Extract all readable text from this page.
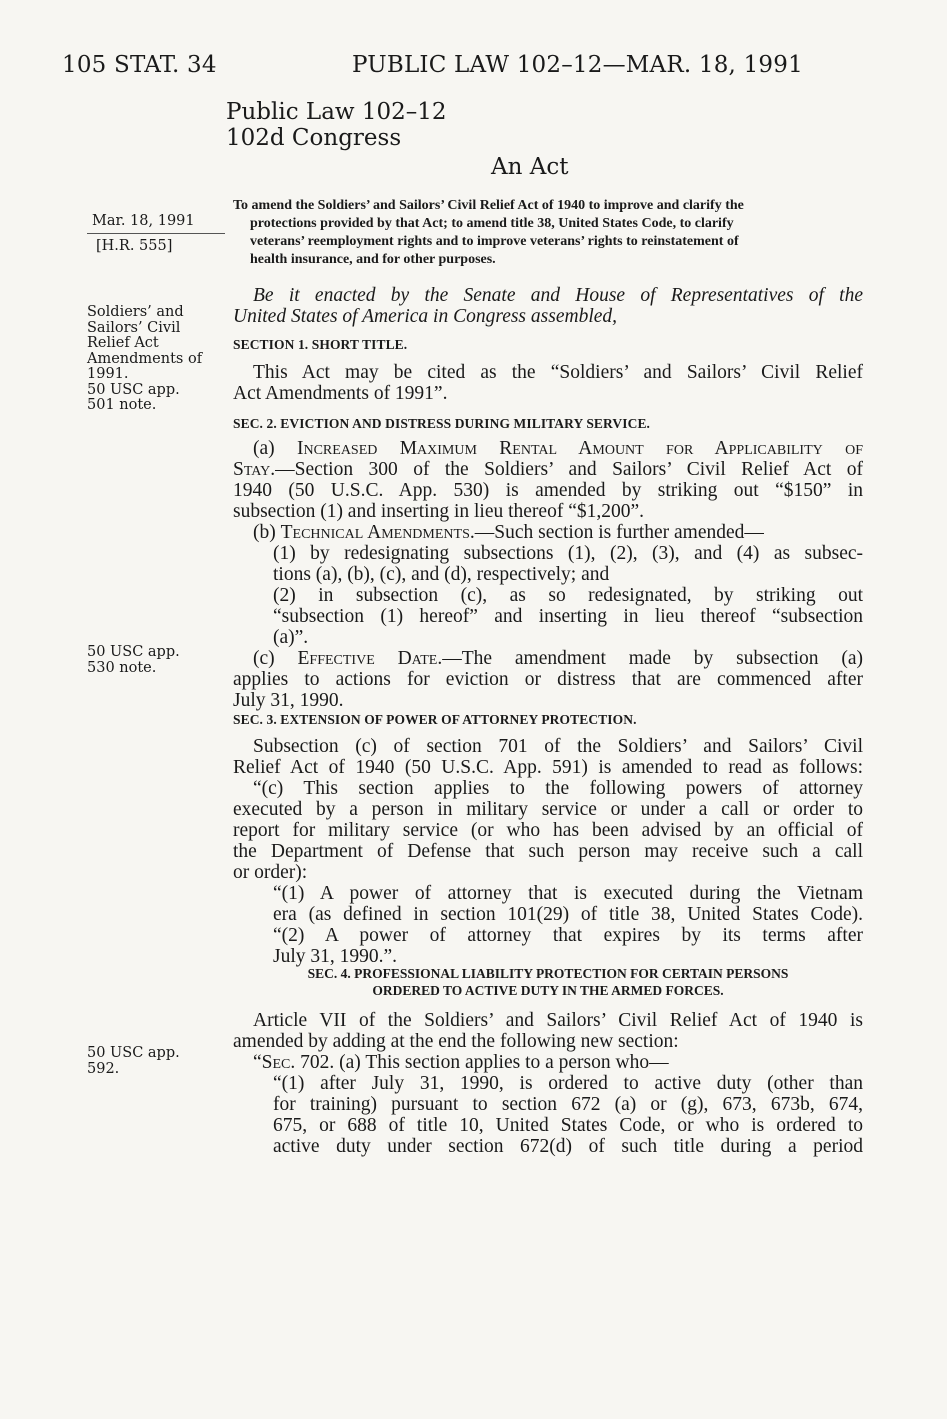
105 STAT. 34	PUBLIC LAW 102–12—MAR. 18, 1991
Public Law 102–12
102d Congress
An Act
Mar. 18, 1991
[H.R. 555]
Soldiers’ and
Sailors’ Civil
Relief Act
Amendments of
1991.
50 USC app.
501 note.
50 USC app.
530 note.
50 USC app.
592.
To amend the Soldiers’ and Sailors’ Civil Relief Act of 1940 to improve and clarify the
protections provided by that Act; to amend title 38, United States Code, to clarify
veterans’ reemployment rights and to improve veterans’ rights to reinstatement of
health insurance, and for other purposes.
Be it enacted by the Senate and House of Representatives of the
United States of America in Congress assembled,
SECTION 1. SHORT TITLE.
This Act may be cited as the “Soldiers’ and Sailors’ Civil Relief
Act Amendments of 1991”.
SEC. 2. EVICTION AND DISTRESS DURING MILITARY SERVICE.
(a) Increased Maximum Rental Amount for Applicability of
Stay.—Section 300 of the Soldiers’ and Sailors’ Civil Relief Act of
1940 (50 U.S.C. App. 530) is amended by striking out “$150” in
subsection (1) and inserting in lieu thereof “$1,200”.
(b) Technical Amendments.—Such section is further amended—
(1) by redesignating subsections (1), (2), (3), and (4) as subsec-
tions (a), (b), (c), and (d), respectively; and
(2) in subsection (c), as so redesignated, by striking out
“subsection (1) hereof” and inserting in lieu thereof “subsection
(a)”.
(c) Effective Date.—The amendment made by subsection (a)
applies to actions for eviction or distress that are commenced after
July 31, 1990.
SEC. 3. EXTENSION OF POWER OF ATTORNEY PROTECTION.
Subsection (c) of section 701 of the Soldiers’ and Sailors’ Civil
Relief Act of 1940 (50 U.S.C. App. 591) is amended to read as follows:
“(c) This section applies to the following powers of attorney
executed by a person in military service or under a call or order to
report for military service (or who has been advised by an official of
the Department of Defense that such person may receive such a call
or order):
“(1) A power of attorney that is executed during the Vietnam
era (as defined in section 101(29) of title 38, United States Code).
“(2) A power of attorney that expires by its terms after
July 31, 1990.”.
SEC. 4. PROFESSIONAL LIABILITY PROTECTION FOR CERTAIN PERSONS
ORDERED TO ACTIVE DUTY IN THE ARMED FORCES.
Article VII of the Soldiers’ and Sailors’ Civil Relief Act of 1940 is
amended by adding at the end the following new section:
“Sec. 702. (a) This section applies to a person who—
“(1) after July 31, 1990, is ordered to active duty (other than
for training) pursuant to section 672 (a) or (g), 673, 673b, 674,
675, or 688 of title 10, United States Code, or who is ordered to
active duty under section 672(d) of such title during a period
